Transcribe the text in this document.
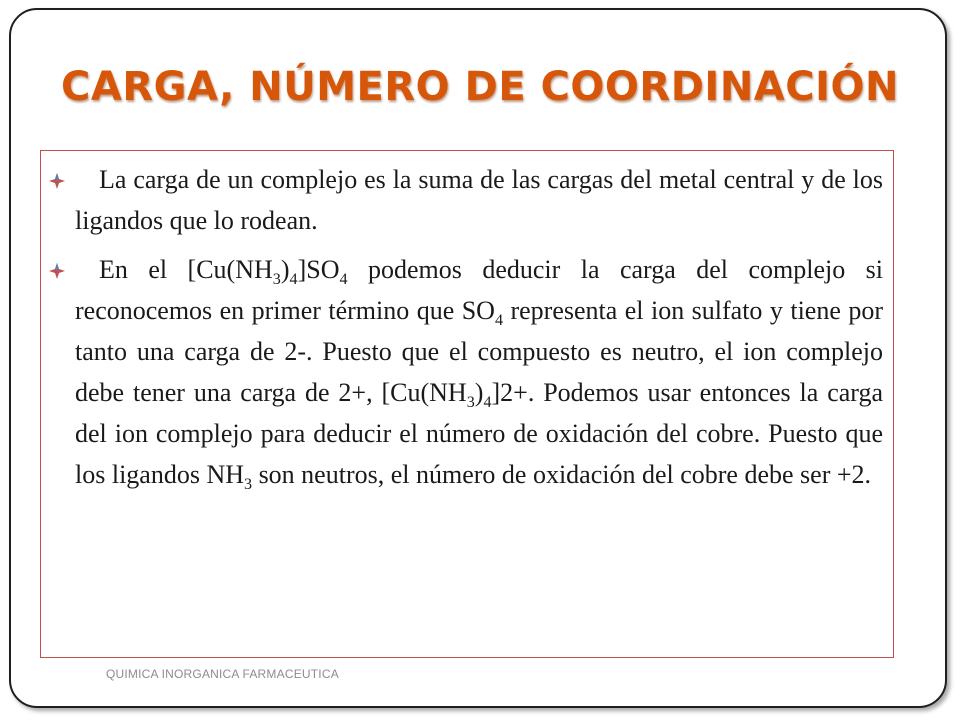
CARGA, NÚMERO DE COORDINACIÓN
La carga de un complejo es la suma de las cargas del metal central y de los ligandos que lo rodean.
En el $[Cu(NH_3)_4]SO_4$ podemos deducir la carga del complejo si reconocemos en primer término que $SO_4$ representa el ion sulfato y tiene por tanto una carga de 2-. Puesto que el compuesto es neutro, el ion complejo debe tener una carga de 2+, $[Cu(NH_3)_4]2+$. Podemos usar entonces la carga del ion complejo para deducir el número de oxidación del cobre. Puesto que los ligandos $NH_3$ son neutros, el número de oxidación del cobre debe ser +2.
QUIMICA INORGANICA FARMACEUTICA
